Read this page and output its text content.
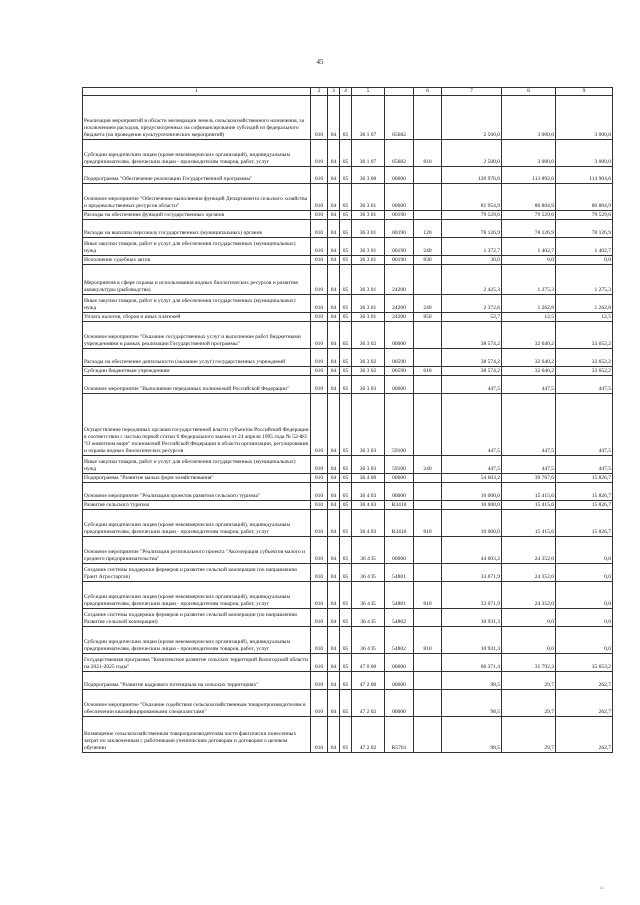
45
1	2	3	4	5		6	7	8	9
Реализация мероприятий в области мелиорации земель сельскохозяйственного назначения, за исключением расходов, предусмотренных на софинансирование субсидий из федерального бюджета (на проведение культуртехнических мероприятий)	010	04	05	36 1 07	65682		2 500,0	3 000,0	3 000,0
Субсидии юридическим лицам (кроме некоммерческих организаций), индивидуальным предпринимателям, физическим лицам - производителям товаров, работ, услуг	010	04	05	36 1 07	65682	810	2 500,0	3 000,0	3 000,0
Подпрограмма "Обеспечение реализации Государственной программы"	010	04	05	36 3 00	00000		120 976,6	113 892,6	114 904,6
Основное мероприятие "Обеспечение выполнения функций Департамента сельского хозяйства и продовольственных ресурсов области"	010	04	05	36 3 01	00000		81 954,9	80 804,9	80 804,9
Расходы на обеспечение функций государственных органов	010	04	05	36 3 01	00190		79 529,6	79 529,6	79 529,6
Расходы на выплаты персоналу государственных (муниципальных) органов	010	04	05	36 3 01	00190	120	78 126,9	78 126,9	78 126,9
Иные закупки товаров, работ и услуг для обеспечения государственных (муниципальных) нужд	010	04	05	36 3 01	00190	240	1 372,7	1 402,7	1 402,7
Исполнение судебных актов	010	04	05	36 3 01	00190	830	30,0	0,0	0,0
Мероприятия в сфере охраны и использования водных биологических ресурсов и развития аквакультуры (рыбоводства)	010	04	05	36 3 01	24200		2 425,3	1 275,3	1 275,3
Иные закупки товаров, работ и услуг для обеспечения государственных (муниципальных) нужд	010	04	05	36 3 01	24200	240	2 372,6	1 262,8	1 262,8
Уплата налогов, сборов и иных платежей	010	04	05	36 3 01	24200	850	52,7	12,5	12,5
Основное мероприятие "Оказание государственных услуг и выполнение работ бюджетными учреждениями в рамках реализации Государственной программы"	010	04	05	36 3 02	00000		38 574,2	32 640,2	33 652,2
Расходы на обеспечение деятельности (оказание услуг) государственных учреждений	010	04	05	36 3 02	00590		38 574,2	32 640,2	33 652,2
Субсидии бюджетным учреждениям	010	04	05	36 3 02	00590	610	38 574,2	32 640,2	33 652,2
Основное мероприятие "Выполнение переданных полномочий Российской Федерации"	010	04	05	36 3 03	00000		447,5	447,5	447,5
Осуществление переданных органам государственной власти субъектов Российской Федерации в соответствии с частью первой статьи 6 Федерального закона от 24 апреля 1995 года № 52-ФЗ "О животном мире" полномочий Российской Федерации в области организации, регулирования и охраны водных биологических ресурсов	010	04	05	36 3 03	59100		447,5	447,5	447,5
Иные закупки товаров, работ и услуг для обеспечения государственных (муниципальных) нужд	010	04	05	36 3 03	59100	240	447,5	447,5	447,5
Подпрограмма "Развитие малых форм хозяйствования"	010	04	05	36 4 00	00000		54 603,2	39 767,6	15 826,7
Основное мероприятие "Реализация проектов развития сельского туризма"	010	04	05	36 4 03	00000		10 000,0	15 415,6	15 826,7
Развитие сельского туризма	010	04	05	36 4 03	R3410		10 000,0	15 415,6	15 826,7
Субсидии юридическим лицам (кроме некоммерческих организаций), индивидуальным предпринимателям, физическим лицам - производителям товаров, работ, услуг	010	04	05	36 4 03	R3410	810	10 000,0	15 415,6	15 826,7
Основное мероприятие "Реализация регионального проекта "Акселерация субъектов малого и среднего предпринимательства"	010	04	05	36 4 I5	00000		44 603,2	24 352,0	0,0
Создание системы поддержки фермеров и развитие сельской кооперации (по направлению Грант Агростартап)	010	04	05	36 4 I5	54801		33 671,9	24 352,0	0,0
Субсидии юридическим лицам (кроме некоммерческих организаций), индивидуальным предпринимателям, физическим лицам - производителям товаров, работ, услуг	010	04	05	36 4 I5	54801	810	33 671,9	24 352,0	0,0
Создание системы поддержки фермеров и развитие сельской кооперации (по направлению Развитие сельской кооперации)	010	04	05	36 4 I5	54802		10 931,3	0,0	0,0
Субсидии юридическим лицам (кроме некоммерческих организаций), индивидуальным предпринимателям, физическим лицам - производителям товаров, работ, услуг	010	04	05	36 4 I5	54802	810	10 931,3	0,0	0,0
Государственная программа "Комплексное развитие сельских территорий Вологодской области на 2021-2025 годы"	010	04	05	47 0 00	00000		66 371,4	31 792,3	35 653,2
Подпрограмма "Развитие кадрового потенциала на сельских территориях"	010	04	05	47 2 00	00000		98,5	29,7	262,7
Основное мероприятие "Оказание содействия сельскохозяйственным товаропроизводителям в обеспечении квалифицированными специалистами"	010	04	05	47 2 02	00000		98,5	29,7	262,7
Возмещение сельскохозяйственным товаропроизводителям части фактически понесенных затрат по заключенным с работниками ученическим договорам и договорам о целевом обучении	010	04	05	47 2 02	R5761		98,5	29,7	262,7
ııı
